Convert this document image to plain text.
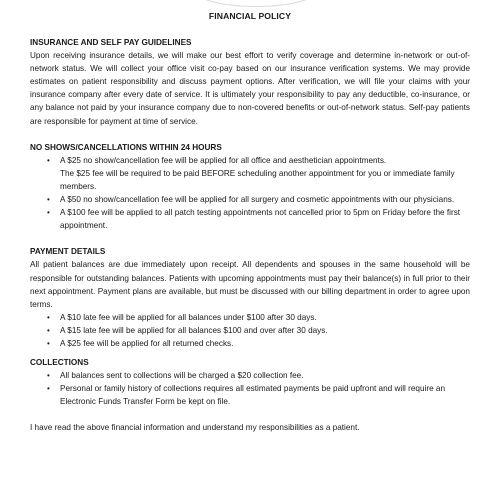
FINANCIAL POLICY

INSURANCE AND SELF PAY GUIDELINES

Upon receiving insurance details, we will make our best effort to verify coverage and determine in-network or out-of-network status. We will collect your office visit co-pay based on our insurance verification systems. We may provide estimates on patient responsibility and discuss payment options. After verification, we will file your claims with your insurance company after every date of service. It is ultimately your responsibility to pay any deductible, co-insurance, or any balance not paid by your insurance company due to non-covered benefits or out-of-network status. Self-pay patients are responsible for payment at time of service.

NO SHOWS/CANCELLATIONS WITHIN 24 HOURS

• A $25 no show/cancellation fee will be applied for all office and aesthetician appointments.
The $25 fee will be required to be paid BEFORE scheduling another appointment for you or immediate family members.
• A $50 no show/cancellation fee will be applied for all surgery and cosmetic appointments with our physicians.
• A $100 fee will be applied to all patch testing appointments not cancelled prior to 5pm on Friday before the first appointment.

PAYMENT DETAILS

All patient balances are due immediately upon receipt. All dependents and spouses in the same household will be responsible for outstanding balances. Patients with upcoming appointments must pay their balance(s) in full prior to their next appointment. Payment plans are available, but must be discussed with our billing department in order to agree upon terms.

• A $10 late fee will be applied for all balances under $100 after 30 days.
• A $15 late fee will be applied for all balances $100 and over after 30 days.
• A $25 fee will be applied for all returned checks.

COLLECTIONS

• All balances sent to collections will be charged a $20 collection fee.
• Personal or family history of collections requires all estimated payments be paid upfront and will require an Electronic Funds Transfer Form be kept on file.

I have read the above financial information and understand my responsibilities as a patient.
